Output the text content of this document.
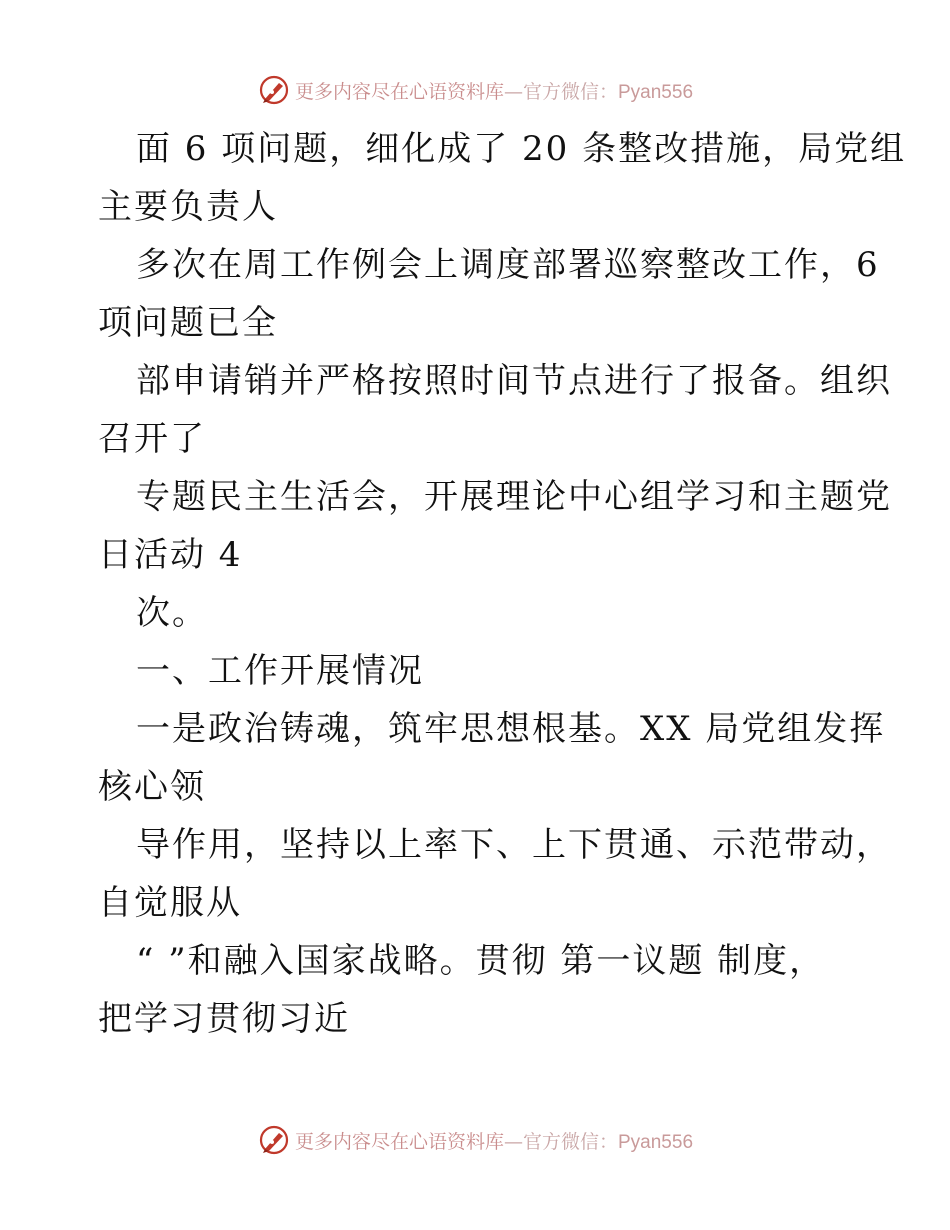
更多内容尽在心语资料库—官方微信：Pyan556
面 6 项问题，细化成了 20 条整改措施，局党组
主要负责人
多次在周工作例会上调度部署巡察整改工作，6
项问题已全
部申请销并严格按照时间节点进行了报备。组织
召开了
专题民主生活会，开展理论中心组学习和主题党
日活动 4
次。
一、工作开展情况
一是政治铸魂，筑牢思想根基。XX 局党组发挥
核心领
导作用，坚持以上率下、上下贯通、示范带动，
自觉服从
“ ”和融入国家战略。贯彻 第一议题 制度，
把学习贯彻习近
更多内容尽在心语资料库—官方微信：Pyan556
